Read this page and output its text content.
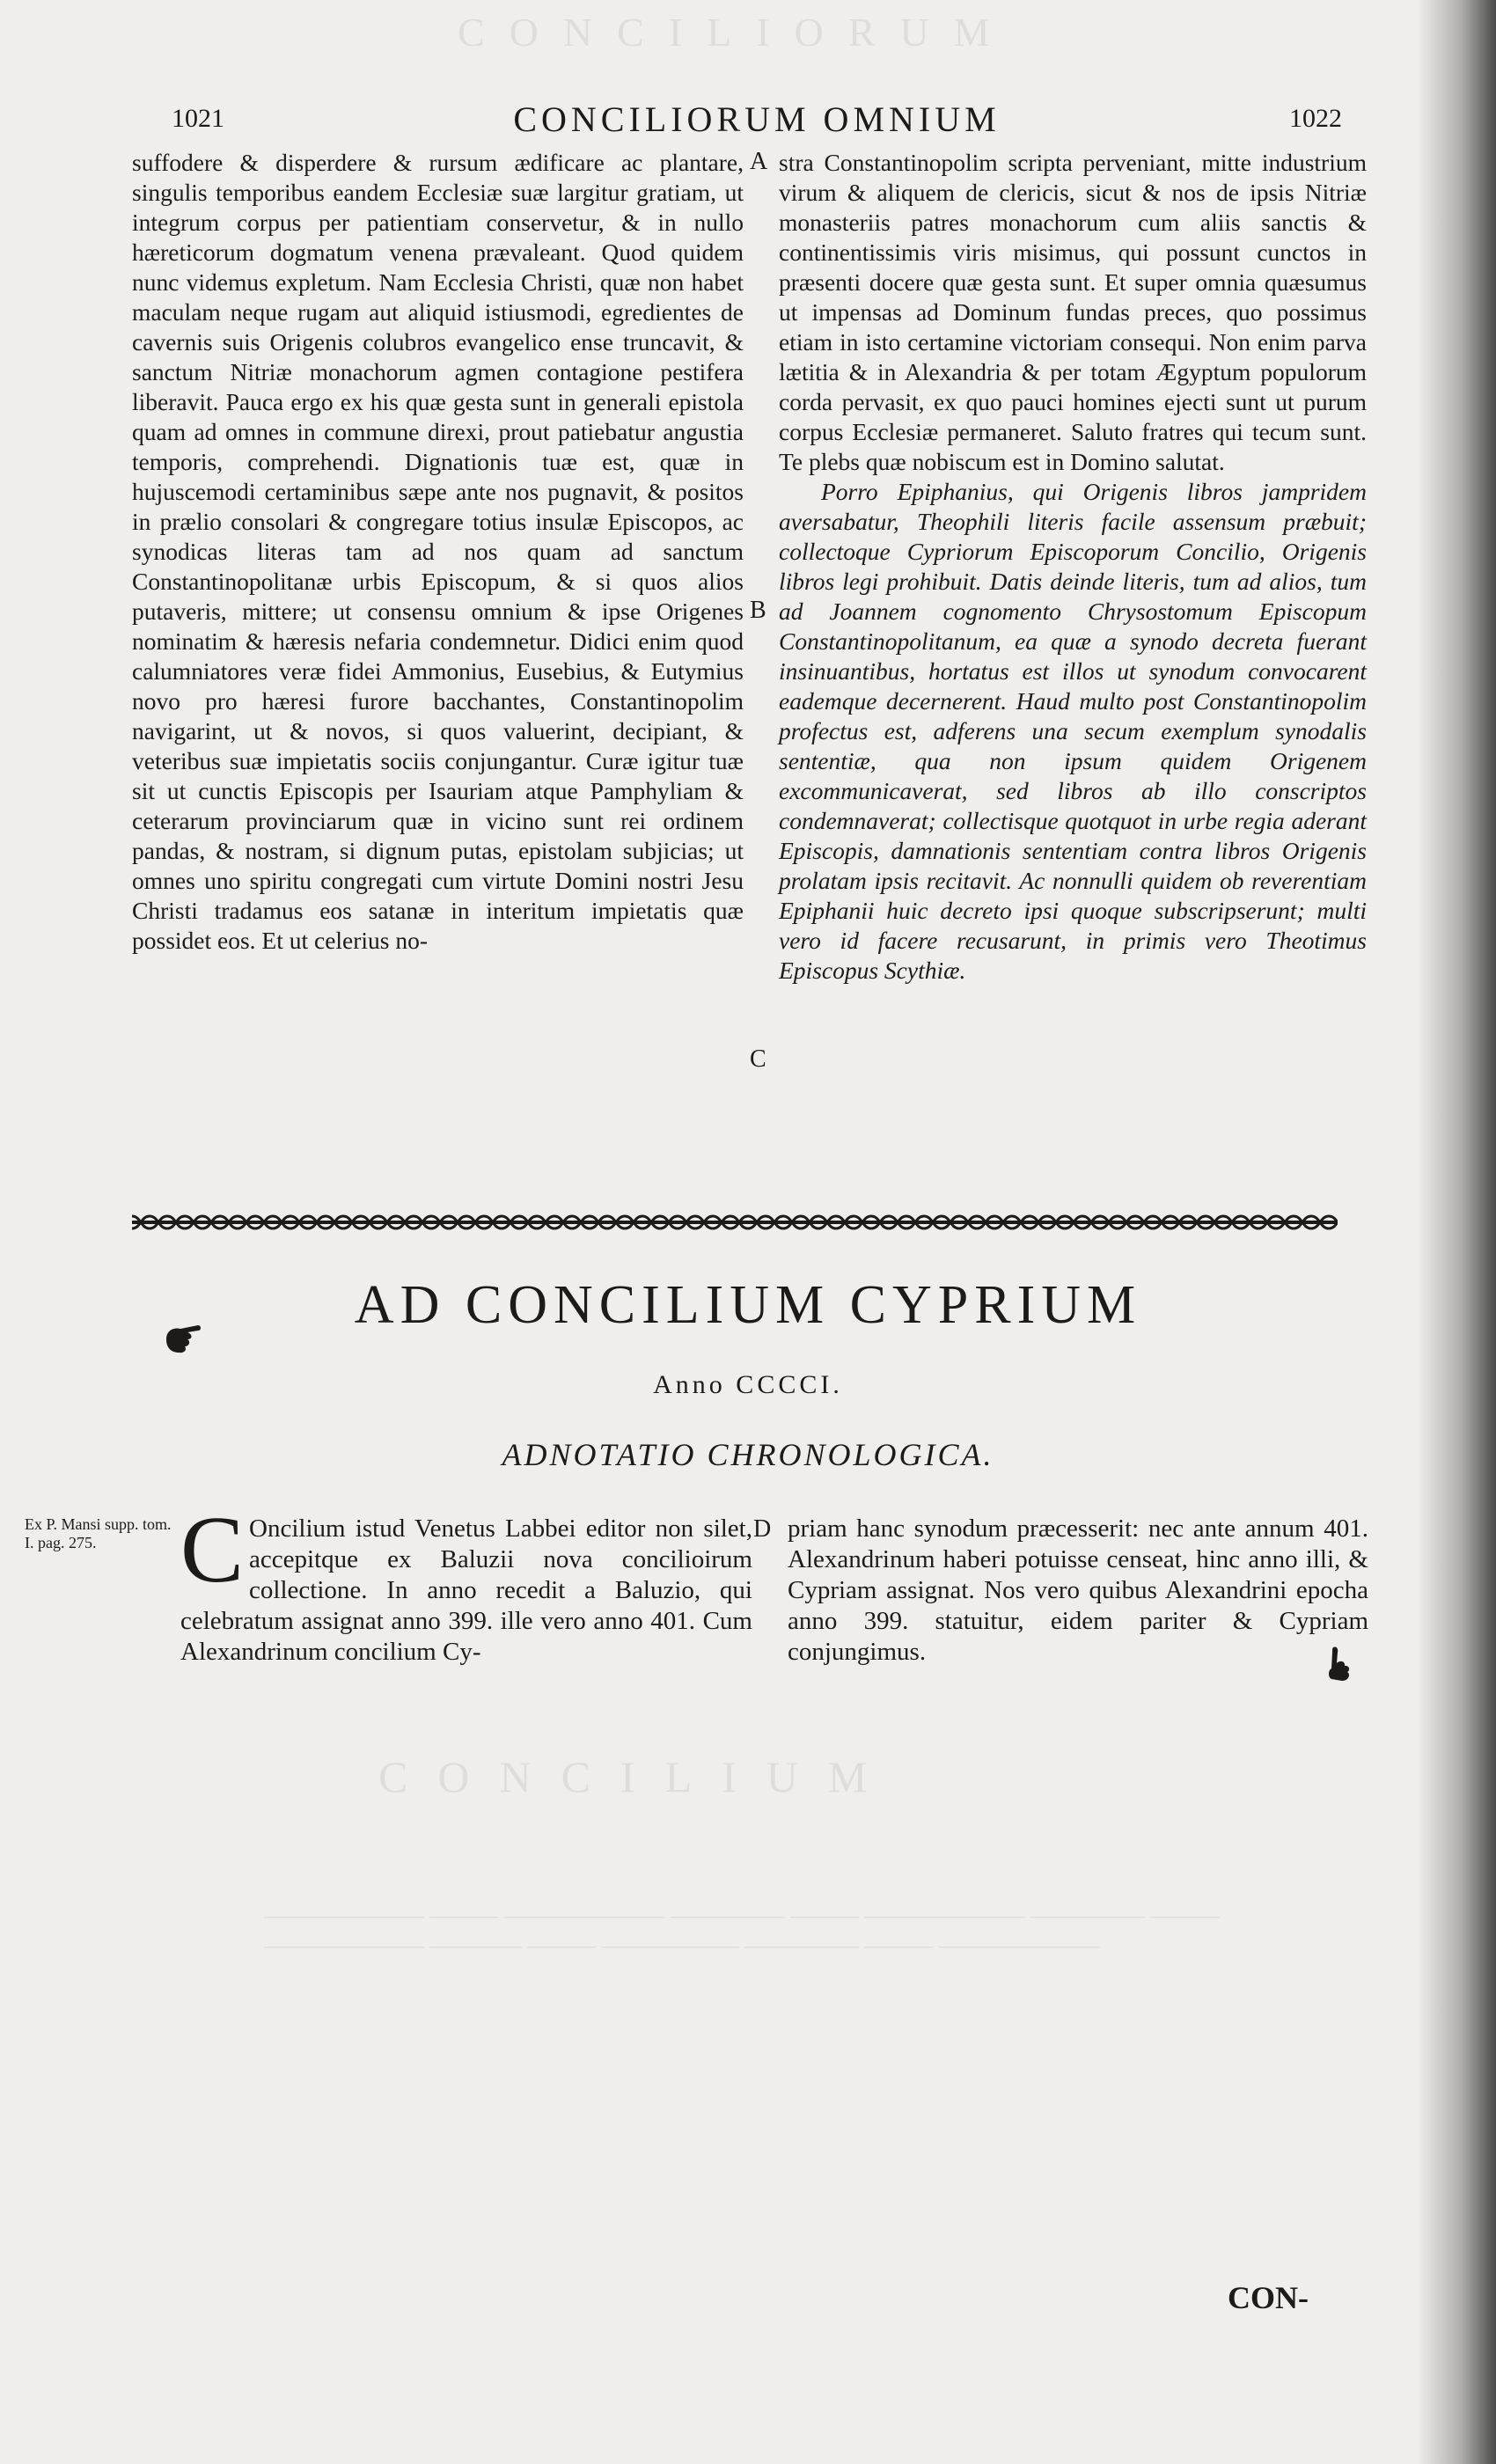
CONCILIORUM
CONCILIUM
——————— ——— ——————— ————— ——— ——————— ————— ——— ——————— ———— ——— —————— ————— ——— ———————
1021	CONCILIORUM OMNIUM	1022

suffodere & disperdere & rursum ædificare ac plantare, singulis temporibus eandem Ecclesiæ suæ largitur gratiam, ut integrum corpus per patientiam conservetur, & in nullo hæreticorum dogmatum venena prævaleant. Quod quidem nunc videmus expletum. Nam Ecclesia Christi, quæ non habet maculam neque rugam aut aliquid istiusmodi, egredientes de cavernis suis Origenis colubros evangelico ense truncavit, & sanctum Nitriæ monachorum agmen contagione pestifera liberavit. Pauca ergo ex his quæ gesta sunt in generali epistola quam ad omnes in commune direxi, prout patiebatur angustia temporis, comprehendi. Dignationis tuæ est, quæ in hujuscemodi certaminibus sæpe ante nos pugnavit, & positos in prælio consolari & congregare totius insulæ Episcopos, ac synodicas literas tam ad nos quam ad sanctum Constantinopolitanæ urbis Episcopum, & si quos alios putaveris, mittere; ut consensu omnium & ipse Origenes nominatim & hæresis nefaria condemnetur. Didici enim quod calumniatores veræ fidei Ammonius, Eusebius, & Eutymius novo pro hæresi furore bacchantes, Constantinopolim navigarint, ut & novos, si quos valuerint, decipiant, & veteribus suæ impietatis sociis conjungantur. Curæ igitur tuæ sit ut cunctis Episcopis per Isauriam atque Pamphyliam & ceterarum provinciarum quæ in vicino sunt rei ordinem pandas, & nostram, si dignum putas, epistolam subjicias; ut omnes uno spiritu congregati cum virtute Domini nostri Jesu Christi tradamus eos satanæ in interitum impietatis quæ possidet eos. Et ut celerius no-

stra Constantinopolim scripta perveniant, mitte industrium virum & aliquem de clericis, sicut & nos de ipsis Nitriæ monasteriis patres monachorum cum aliis sanctis & continentissimis viris misimus, qui possunt cunctos in præsenti docere quæ gesta sunt. Et super omnia quæsumus ut impensas ad Dominum fundas preces, quo possimus etiam in isto certamine victoriam consequi. Non enim parva lætitia & in Alexandria & per totam Ægyptum populorum corda pervasit, ex quo pauci homines ejecti sunt ut purum corpus Ecclesiæ permaneret. Saluto fratres qui tecum sunt. Te plebs quæ nobiscum est in Domino salutat.

Porro Epiphanius, qui Origenis libros jampridem aversabatur, Theophili literis facile assensum præbuit; collectoque Cypriorum Episcoporum Concilio, Origenis libros legi prohibuit. Datis deinde literis, tum ad alios, tum ad Joannem cognomento Chrysostomum Episcopum Constantinopolitanum, ea quæ a synodo decreta fuerant insinuantibus, hortatus est illos ut synodum convocarent eademque decernerent. Haud multo post Constantinopolim profectus est, adferens una secum exemplum synodalis sententiæ, qua non ipsum quidem Origenem excommunicaverat, sed libros ab illo conscriptos condemnaverat; collectisque quotquot in urbe regia aderant Episcopis, damnationis sententiam contra libros Origenis prolatam ipsis recitavit. Ac nonnulli quidem ob reverentiam Epiphanii huic decreto ipsi quoque subscripserunt; multi vero id facere recusarunt, in primis vero Theotimus Episcopus Scythiæ.

A
B
C
D
AD CONCILIUM CYPRIUM
Anno CCCCI.
ADNOTATIO CHRONOLOGICA.
Ex P. Mansi supp. tom. I. pag. 275. C Oncilium istud Venetus Labbei editor non silet, accepitque ex Baluzii nova concilioirum collectione. In anno recedit a Baluzio, qui celebratum assignat anno 399. ille vero anno 401. Cum Alexandrinum concilium Cy-
priam hanc synodum præcesserit: nec ante annum 401. Alexandrinum haberi potuisse censeat, hinc anno illi, & Cypriam assignat. Nos vero quibus Alexandrini epocha anno 399. statuitur, eidem pariter & Cypriam conjungimus.
CON-
